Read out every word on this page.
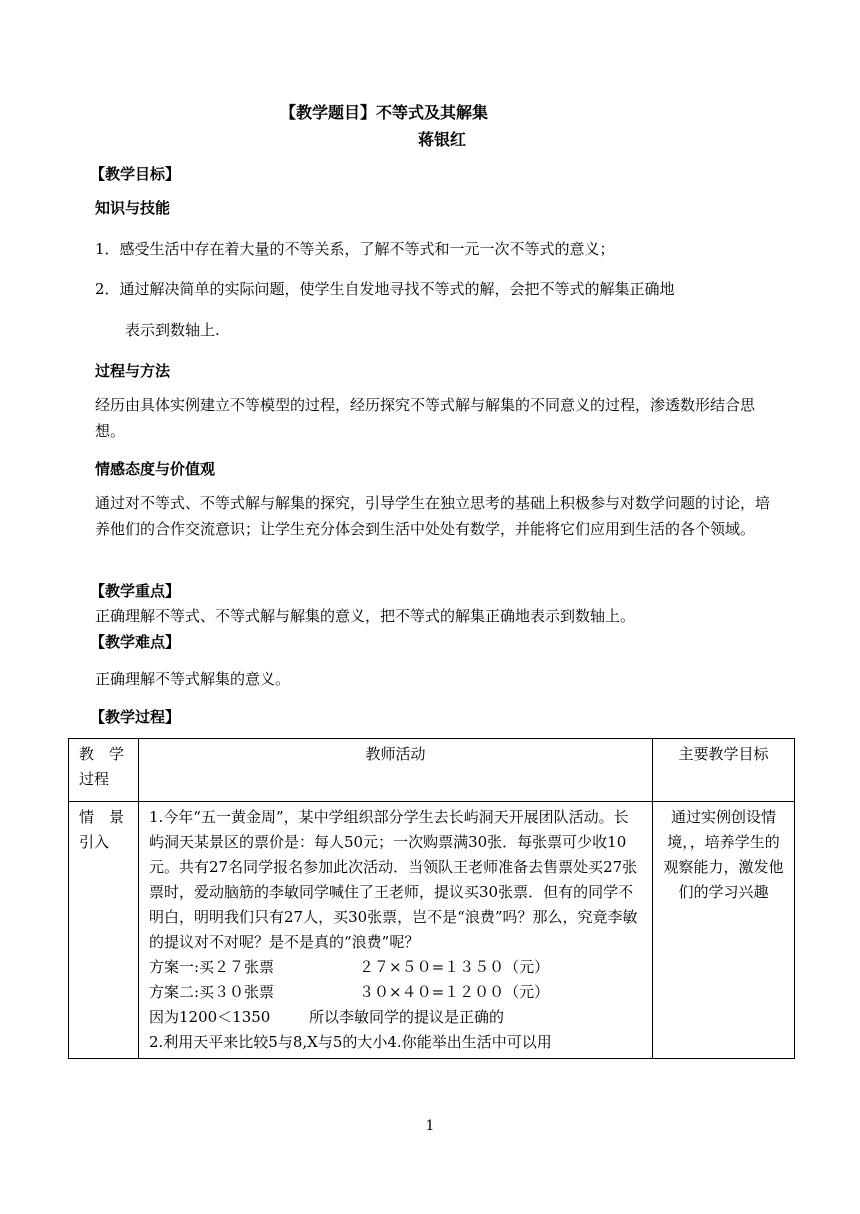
【教学题目】不等式及其解集
蒋银红
【教学目标】
知识与技能
1．感受生活中存在着大量的不等关系，了解不等式和一元一次不等式的意义；
2．通过解决简单的实际问题，使学生自发地寻找不等式的解，会把不等式的解集正确地
表示到数轴上.
过程与方法
经历由具体实例建立不等模型的过程，经历探究不等式解与解集的不同意义的过程，渗透数形结合思想。
情感态度与价值观
通过对不等式、不等式解与解集的探究，引导学生在独立思考的基础上积极参与对数学问题的讨论，培养他们的合作交流意识；让学生充分体会到生活中处处有数学，并能将它们应用到生活的各个领域。
【教学重点】
正确理解不等式、不等式解与解集的意义，把不等式的解集正确地表示到数轴上。
【教学难点】
正确理解不等式解集的意义。
【教学过程】
教　学过程	教师活动	主要教学目标
情　景引入	1.今年“五一黄金周”，某中学组织部分学生去长屿洞天开展团队活动。长屿洞天某景区的票价是：每人50元；一次购票满30张．每张票可少收10元。共有27名同学报名参加此次活动．当领队王老师准备去售票处买27张票时，爱动脑筋的李敏同学喊住了王老师，提议买30张票．但有的同学不明白，明明我们只有27人，买30张票，岂不是“浪费”吗？那么，究竟李敏的提议对不对呢？是不是真的“浪费”呢？
方案一:买２７张票 ２７×５０=１３５０（元）
方案二:买３０张票 ３０×４０=１２００（元）
因为1200＜1350 所以李敏同学的提议是正确的
2.利用天平来比较5与8,X与5的大小4.你能举出生活中可以用	通过实例创设情境，，培养学生的观察能力，激发他们的学习兴趣
1
